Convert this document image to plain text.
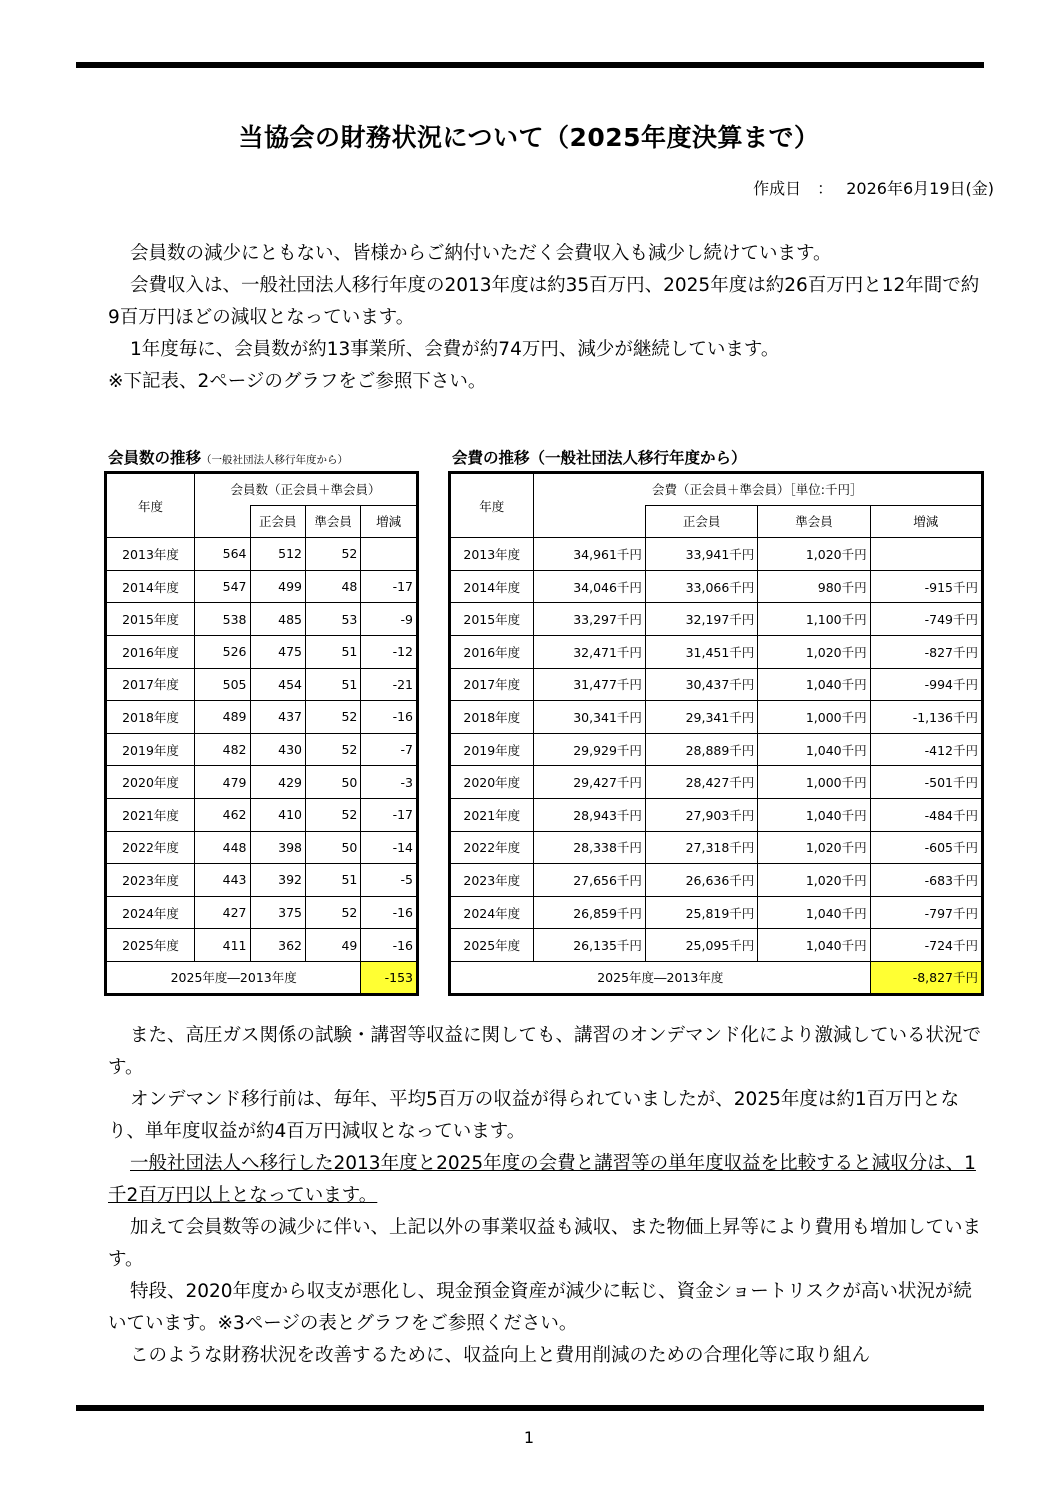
当協会の財務状況について（2025年度決算まで）
作成日　： 2026年6月19日(金)

会員数の減少にともない、皆様からご納付いただく会費収入も減少し続けています。

会費収入は、一般社団法人移行年度の2013年度は約35百万円、2025年度は約26百万円と12年間で約9百万円ほどの減収となっています。

1年度毎に、会員数が約13事業所、会費が約74万円、減少が継続しています。

※下記表、2ページのグラフをご参照下さい。

会員数の推移（一般社団法人移行年度から）	会費の推移（一般社団法人移行年度から）
年度	会員数（正会員＋準会員）			
		正会員	準会員	増減
2013年度	564	512	52	
2014年度	547	499	48	-17
2015年度	538	485	53	-9
2016年度	526	475	51	-12
2017年度	505	454	51	-21
2018年度	489	437	52	-16
2019年度	482	430	52	-7
2020年度	479	429	50	-3
2021年度	462	410	52	-17
2022年度	448	398	50	-14
2023年度	443	392	51	-5
2024年度	427	375	52	-16
2025年度	411	362	49	-16
2025年度―2013年度				-153
年度	会費（正会員＋準会員）［単位:千円］			
		正会員	準会員	増減
2013年度	34,961千円	33,941千円	1,020千円	
2014年度	34,046千円	33,066千円	980千円	-915千円
2015年度	33,297千円	32,197千円	1,100千円	-749千円
2016年度	32,471千円	31,451千円	1,020千円	-827千円
2017年度	31,477千円	30,437千円	1,040千円	-994千円
2018年度	30,341千円	29,341千円	1,000千円	-1,136千円
2019年度	29,929千円	28,889千円	1,040千円	-412千円
2020年度	29,427千円	28,427千円	1,000千円	-501千円
2021年度	28,943千円	27,903千円	1,040千円	-484千円
2022年度	28,338千円	27,318千円	1,020千円	-605千円
2023年度	27,656千円	26,636千円	1,020千円	-683千円
2024年度	26,859千円	25,819千円	1,040千円	-797千円
2025年度	26,135千円	25,095千円	1,040千円	-724千円
2025年度―2013年度				-8,827千円

また、高圧ガス関係の試験・講習等収益に関しても、講習のオンデマンド化により激減している状況です。

オンデマンド移行前は、毎年、平均5百万の収益が得られていましたが、2025年度は約1百万円となり、単年度収益が約4百万円減収となっています。

一般社団法人へ移行した2013年度と2025年度の会費と講習等の単年度収益を比較すると減収分は、1千2百万円以上となっています。

加えて会員数等の減少に伴い、上記以外の事業収益も減収、また物価上昇等により費用も増加しています。

特段、2020年度から収支が悪化し、現金預金資産が減少に転じ、資金ショートリスクが高い状況が続いています。※3ページの表とグラフをご参照ください。

このような財務状況を改善するために、収益向上と費用削減のための合理化等に取り組ん

1
